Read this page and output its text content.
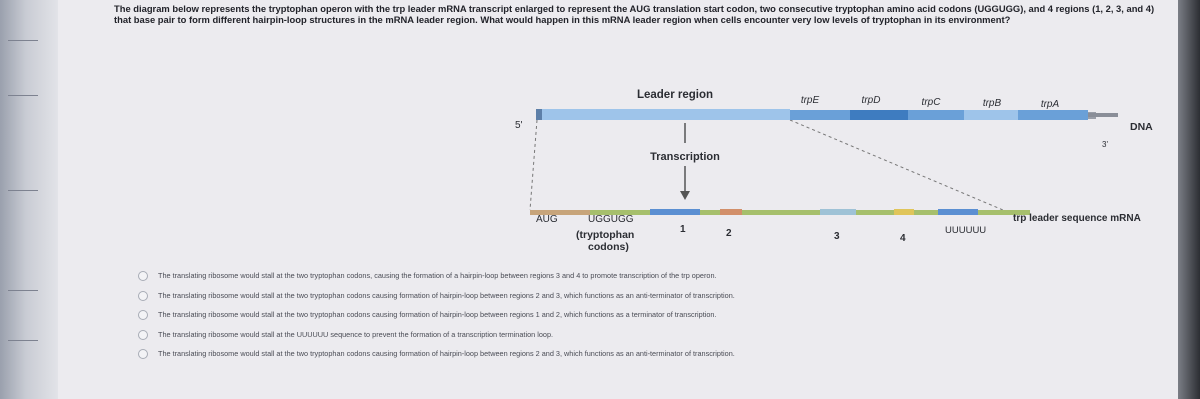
The diagram below represents the tryptophan operon with the trp leader mRNA transcript enlarged to represent the AUG translation start codon, two consecutive tryptophan amino acid codons (UGGUGG), and 4 regions (1, 2, 3, and 4) that base pair to form different hairpin-loop structures in the mRNA leader region. What would happen in this mRNA leader region when cells encounter very low levels of tryptophan in its environment?
Leader region	trpE	trpD	trpC	trpB	trpA
5'	DNA
3'
Transcription
AUG	UGGUGG
(tryptophan
codons)
1	2	3	4
UUUUUU
trp leader sequence mRNA
The translating ribosome would stall at the two tryptophan codons, causing the formation of a hairpin-loop between regions 3 and 4 to promote transcription of the trp operon.
The translating ribosome would stall at the two tryptophan codons causing formation of hairpin-loop between regions 2 and 3, which functions as an anti-terminator of transcription.
The translating ribosome would stall at the two tryptophan codons causing formation of hairpin-loop between regions 1 and 2, which functions as a terminator of transcription.
The translating ribosome would stall at the UUUUUU sequence to prevent the formation of a transcription termination loop.
The translating ribosome would stall at the two tryptophan codons causing formation of hairpin-loop between regions 2 and 3, which functions as an anti-terminator of transcription.
